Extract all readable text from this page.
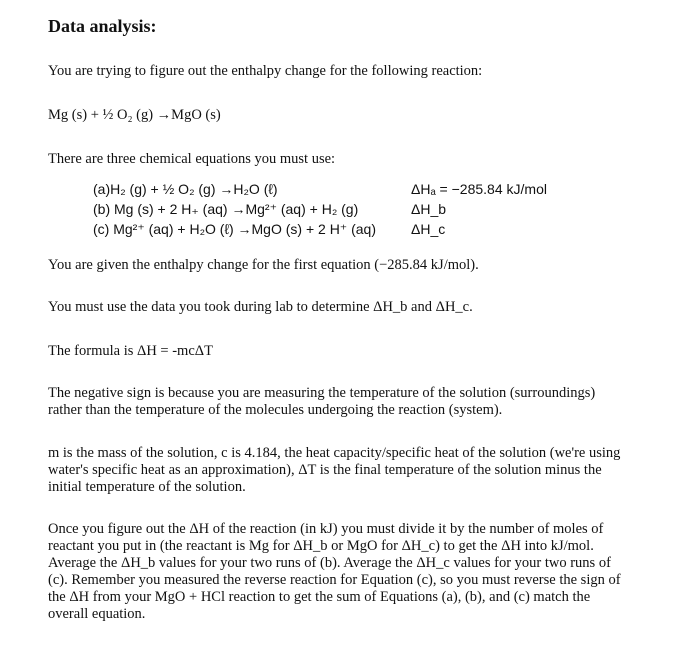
Data analysis:
You are trying to figure out the enthalpy change for the following reaction:
Mg (s) + ½ O₂ (g) →MgO (s)
There are three chemical equations you must use:
(a)H₂ (g) + ½ O₂ (g) →H₂O (ℓ)	ΔHₐ = −285.84 kJ/mol
(b) Mg (s) + 2 H₊ (aq) →Mg²⁺ (aq) + H₂ (g)	ΔH_b
(c) Mg²⁺ (aq) + H₂O (ℓ) →MgO (s) + 2 H⁺ (aq)	ΔH_c
You are given the enthalpy change for the first equation (−285.84 kJ/mol).
You must use the data you took during lab to determine ΔH_b and ΔH_c.
The formula is ΔH = -mcΔT
The negative sign is because you are measuring the temperature of the solution (surroundings) rather than the temperature of the molecules undergoing the reaction (system).
m is the mass of the solution, c is 4.184, the heat capacity/specific heat of the solution (we're using water's specific heat as an approximation), ΔT is the final temperature of the solution minus the initial temperature of the solution.
Once you figure out the ΔH of the reaction (in kJ) you must divide it by the number of moles of reactant you put in (the reactant is Mg for ΔH_b or MgO for ΔH_c) to get the ΔH into kJ/mol. Average the ΔH_b values for your two runs of (b). Average the ΔH_c values for your two runs of (c). Remember you measured the reverse reaction for Equation (c), so you must reverse the sign of the ΔH from your MgO + HCl reaction to get the sum of Equations (a), (b), and (c) match the overall equation.
